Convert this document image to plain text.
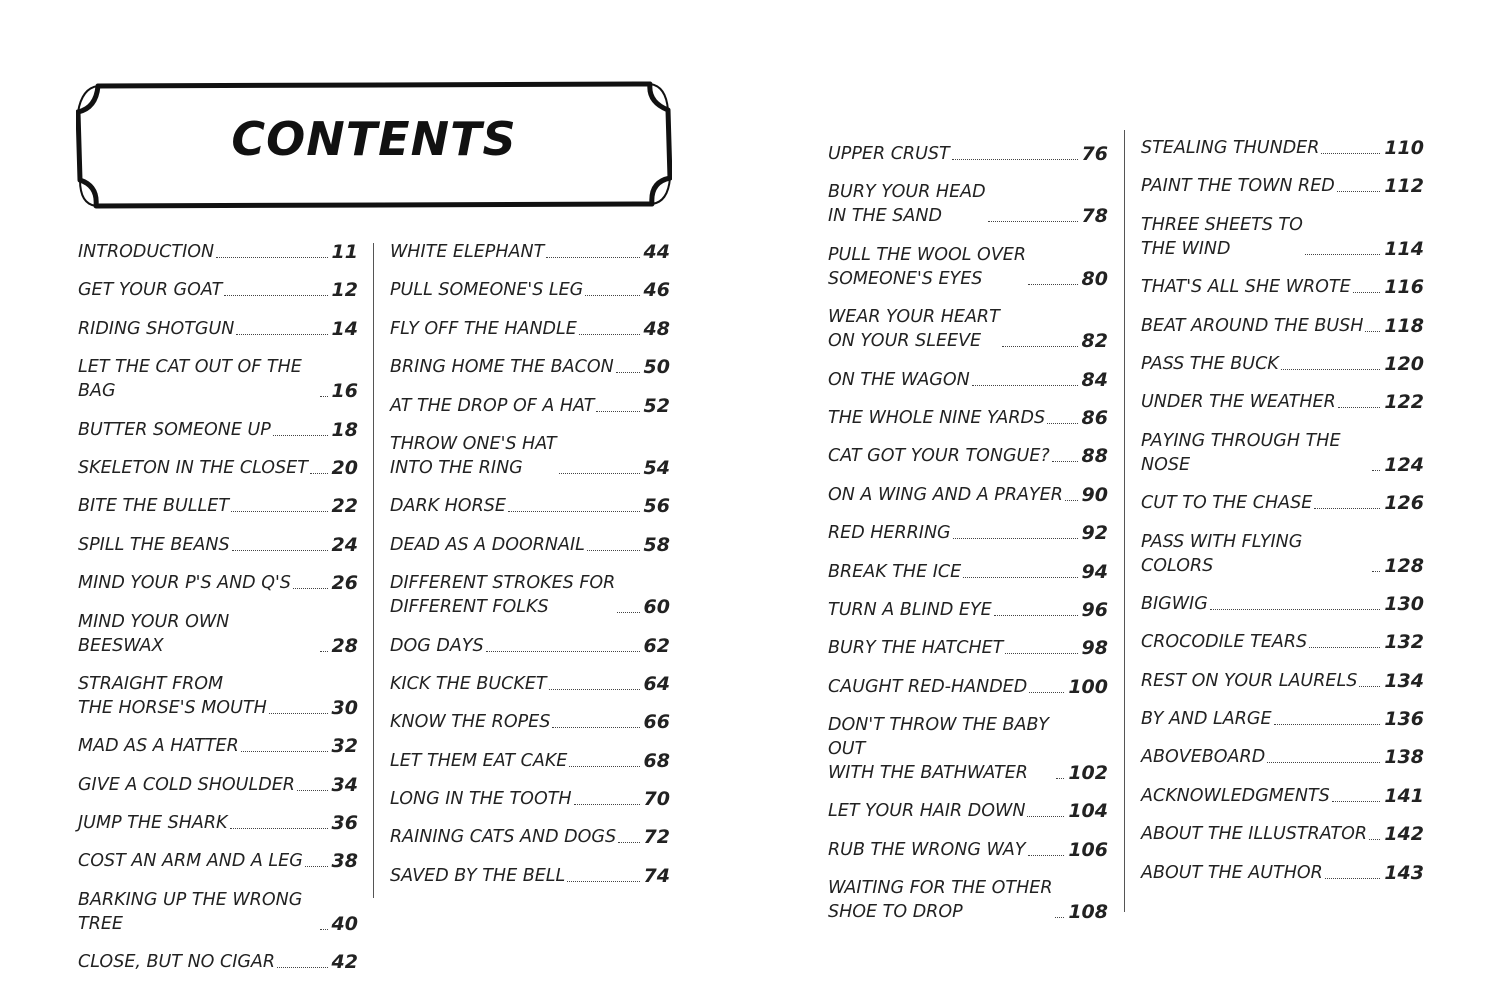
CONTENTS
INTRODUCTION	11
GET YOUR GOAT	12
RIDING SHOTGUN	14
LET THE CAT OUT OF THE BAG	16
BUTTER SOMEONE UP	18
SKELETON IN THE CLOSET 20
BITE THE BULLET	22
SPILL THE BEANS	24
MIND YOUR P'S AND Q'S 26
MIND YOUR OWN BEESWAX	28
STRAIGHT FROM
THE HORSE'S MOUTH	30
MAD AS A HATTER	32
GIVE A COLD SHOULDER 34
JUMP THE SHARK	36
COST AN ARM AND A LEG 38
BARKING UP THE WRONG TREE	40
CLOSE, BUT NO CIGAR	42
WHITE ELEPHANT	44
PULL SOMEONE'S LEG	46
FLY OFF THE HANDLE	48
BRING HOME THE BACON 50
AT THE DROP OF A HAT	52
THROW ONE'S HAT
INTO THE RING	54
DARK HORSE	56
DEAD AS A DOORNAIL	58
DIFFERENT STROKES FOR
DIFFERENT FOLKS	60
DOG DAYS	62
KICK THE BUCKET	64
KNOW THE ROPES	66
LET THEM EAT CAKE	68
LONG IN THE TOOTH	70
RAINING CATS AND DOGS 72
SAVED BY THE BELL	74
UPPER CRUST	76
BURY YOUR HEAD
IN THE SAND	78
PULL THE WOOL OVER
SOMEONE'S EYES	80
WEAR YOUR HEART
ON YOUR SLEEVE	82
ON THE WAGON	84
THE WHOLE NINE YARDS 86
CAT GOT YOUR TONGUE? 88
ON A WING AND A PRAYER 90
RED HERRING	92
BREAK THE ICE	94
TURN A BLIND EYE	96
BURY THE HATCHET	98
CAUGHT RED-HANDED 100
DON'T THROW THE BABY OUT
WITH THE BATHWATER	102
LET YOUR HAIR DOWN 104
RUB THE WRONG WAY 106
WAITING FOR THE OTHER
SHOE TO DROP	108
STEALING THUNDER	110
PAINT THE TOWN RED	112
THREE SHEETS TO
THE WIND	114
THAT'S ALL SHE WROTE 116
BEAT AROUND THE BUSH 118
PASS THE BUCK	120
UNDER THE WEATHER	122
PAYING THROUGH THE NOSE	124
CUT TO THE CHASE	126
PASS WITH FLYING COLORS	128
BIGWIG	130
CROCODILE TEARS	132
REST ON YOUR LAURELS 134
BY AND LARGE	136
ABOVEBOARD	138
ACKNOWLEDGMENTS	141
ABOUT THE ILLUSTRATOR 142
ABOUT THE AUTHOR	143
